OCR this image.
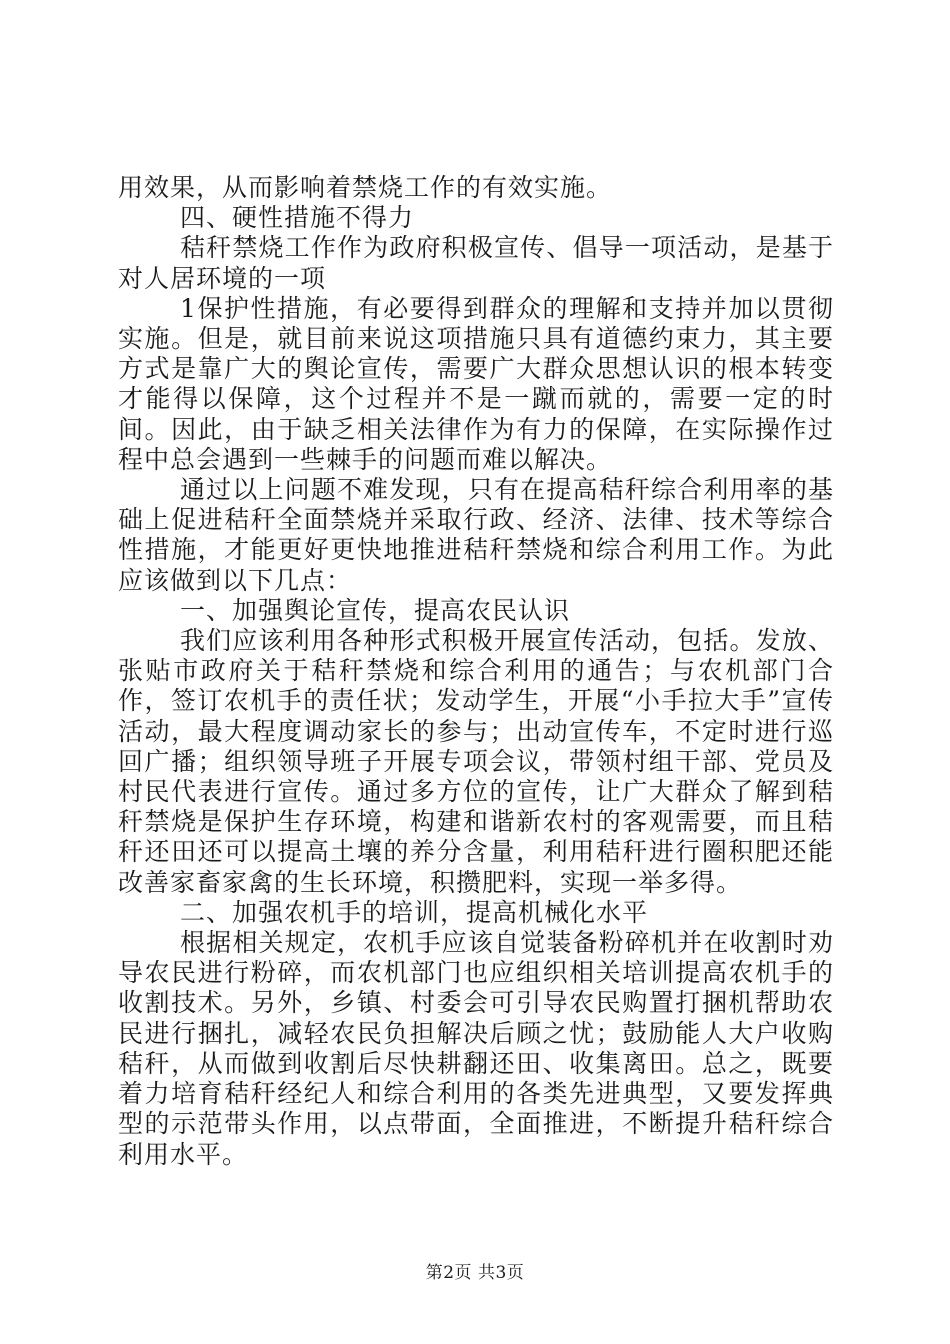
用效果，从而影响着禁烧工作的有效实施。

四、硬性措施不得力

秸秆禁烧工作作为政府积极宣传、倡导一项活动，是基于对人居环境的一项

1保护性措施，有必要得到群众的理解和支持并加以贯彻实施。但是，就目前来说这项措施只具有道德约束力，其主要方式是靠广大的舆论宣传，需要广大群众思想认识的根本转变才能得以保障，这个过程并不是一蹴而就的，需要一定的时间。因此，由于缺乏相关法律作为有力的保障，在实际操作过程中总会遇到一些棘手的问题而难以解决。

通过以上问题不难发现，只有在提高秸秆综合利用率的基础上促进秸秆全面禁烧并采取行政、经济、法律、技术等综合性措施，才能更好更快地推进秸秆禁烧和综合利用工作。为此应该做到以下几点：

一、加强舆论宣传，提高农民认识

我们应该利用各种形式积极开展宣传活动，包括。发放、张贴市政府关于秸秆禁烧和综合利用的通告；与农机部门合作，签订农机手的责任状；发动学生，开展“小手拉大手”宣传活动，最大程度调动家长的参与；出动宣传车，不定时进行巡回广播；组织领导班子开展专项会议，带领村组干部、党员及村民代表进行宣传。通过多方位的宣传，让广大群众了解到秸秆禁烧是保护生存环境，构建和谐新农村的客观需要，而且秸秆还田还可以提高土壤的养分含量，利用秸秆进行圈积肥还能改善家畜家禽的生长环境，积攒肥料，实现一举多得。

二、加强农机手的培训，提高机械化水平

根据相关规定，农机手应该自觉装备粉碎机并在收割时劝导农民进行粉碎，而农机部门也应组织相关培训提高农机手的收割技术。另外，乡镇、村委会可引导农民购置打捆机帮助农民进行捆扎，减轻农民负担解决后顾之忧；鼓励能人大户收购秸秆，从而做到收割后尽快耕翻还田、收集离田。总之，既要着力培育秸秆经纪人和综合利用的各类先进典型，又要发挥典型的示范带头作用，以点带面，全面推进，不断提升秸秆综合利用水平。

第2页 共3页
